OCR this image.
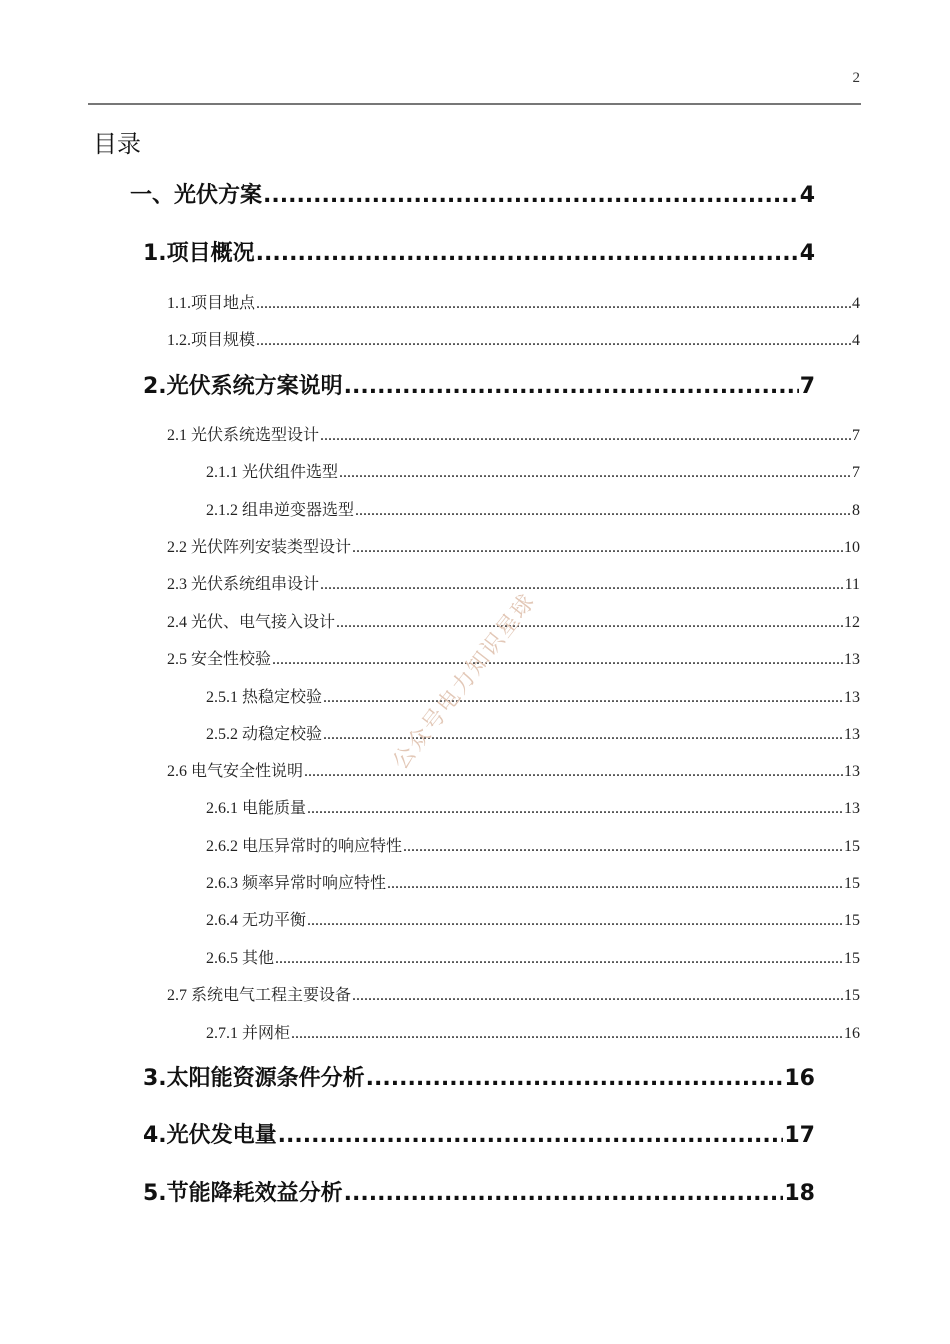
2
目录
一、光伏方案 .....	4
1.项目概况 .....	4
1.1.项目地点 .....	4
1.2.项目规模 .....	4
2.光伏系统方案说明 .....	7
2.1 光伏系统选型设计 .....	7
2.1.1 光伏组件选型 .....	7
2.1.2 组串逆变器选型 .....	8
2.2 光伏阵列安装类型设计 .....	10
2.3 光伏系统组串设计 .....	11
2.4 光伏、电气接入设计 .....	12
2.5 安全性校验 .....	13
2.5.1 热稳定校验 .....	13
2.5.2 动稳定校验 .....	13
2.6 电气安全性说明 .....	13
2.6.1 电能质量 .....	13
2.6.2 电压异常时的响应特性 .....	15
2.6.3 频率异常时响应特性 .....	15
2.6.4 无功平衡 .....	15
2.6.5 其他 .....	15
2.7 系统电气工程主要设备 .....	15
2.7.1 并网柜 .....	16
3.太阳能资源条件分析 .....	16
4.光伏发电量 .....	17
5.节能降耗效益分析 .....	18
公众号电力知识星球
